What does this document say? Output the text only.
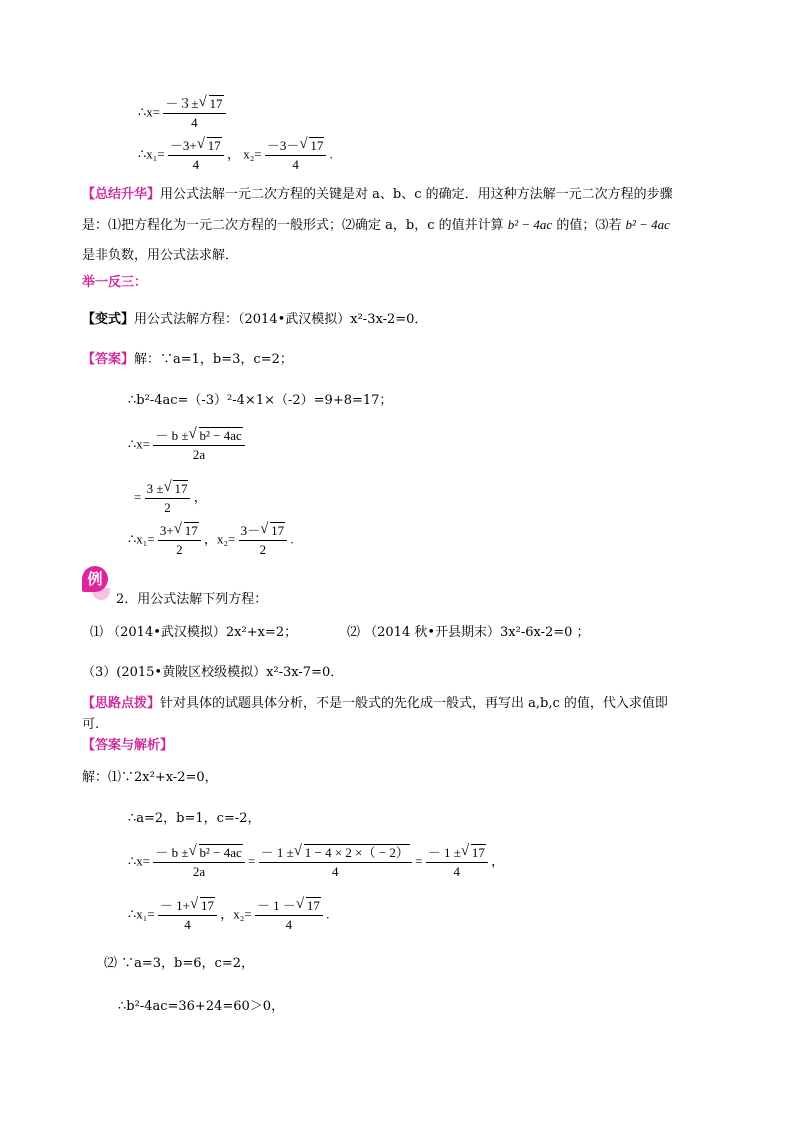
∴x= $\frac{-3\pm √ 17}{4}$
∴x₁= $\frac{-3+ √ 17}{4}$ ， $x_2= \frac{-3- √ 17}{4}$ .
【总结升华】用公式法解一元二次方程的关键是对 a、b、c 的确定．用这种方法解一元二次方程的步骤
是：⑴把方程化为一元二次方程的一般形式；⑵确定 a，b，c 的值并计算 b² − 4ac 的值；⑶若 b² − 4ac
是非负数，用公式法求解．
举一反三：
【变式】用公式法解方程：（2014•武汉模拟）x²-3x-2=0．
【答案】解：∵a=1，b=3，c=2；
∴b²-4ac=（-3）²-4×1×（-2）=9+8=17；
∴x= $\frac{\text{－ b ± √ b² − 4ac}}{2a}$
= $\frac{3 \pm √ 17}{2}$ ，
∴x₁= $\frac{3+ √ 17}{2}$ ，$x_2= \frac{3- √ 17}{2}$ .
例
2．用公式法解下列方程：
⑴ （2014•武汉模拟）2x²+x=2；	⑵ （2014 秋•开县期末）3x²-6x-2=0 ；
（3）(2015•黄陂区校级模拟）x²-3x-7=0．
【思路点拨】针对具体的试题具体分析，不是一般式的先化成一般式，再写出 a,b,c 的值，代入求值即
可.
【答案与解析】
解：⑴∵2x²+x-2=0，
∴a=2，b=1，c=-2，
∴x= $\frac{\text{－ b ± √ b² − 4ac}}{2a} = \frac{- 1 \pm √ 1 - 4 \times 2 \times( - 2)}{4} = \frac{- 1 \pm √ 17}{4}$ ，
∴x₁= $\frac{- 1+ √ 17}{4}$ ，$x_2= \frac{- 1 - √ 17}{4}$ .
⑵ ∵a=3，b=6，c=2，
∴b²-4ac=36+24=60＞0，
